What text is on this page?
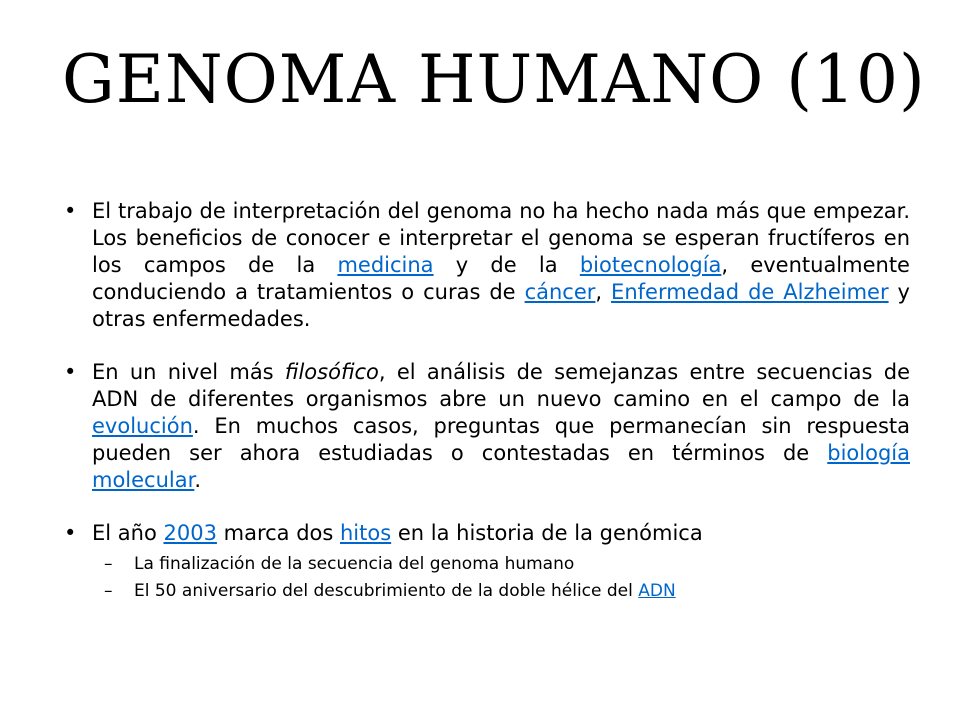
GENOMA HUMANO (10)

• El trabajo de interpretación del genoma no ha hecho nada más que empezar. Los beneficios de conocer e interpretar el genoma se esperan fructíferos en los campos de la medicina y de la biotecnología, eventualmente conduciendo a tratamientos o curas de cáncer, Enfermedad de Alzheimer y otras enfermedades.

• En un nivel más filosófico, el análisis de semejanzas entre secuencias de ADN de diferentes organismos abre un nuevo camino en el campo de la evolución. En muchos casos, preguntas que permanecían sin respuesta pueden ser ahora estudiadas o contestadas en términos de biología molecular.

• El año 2003 marca dos hitos en la historia de la genómica

– La finalización de la secuencia del genoma humano

– El 50 aniversario del descubrimiento de la doble hélice del ADN
